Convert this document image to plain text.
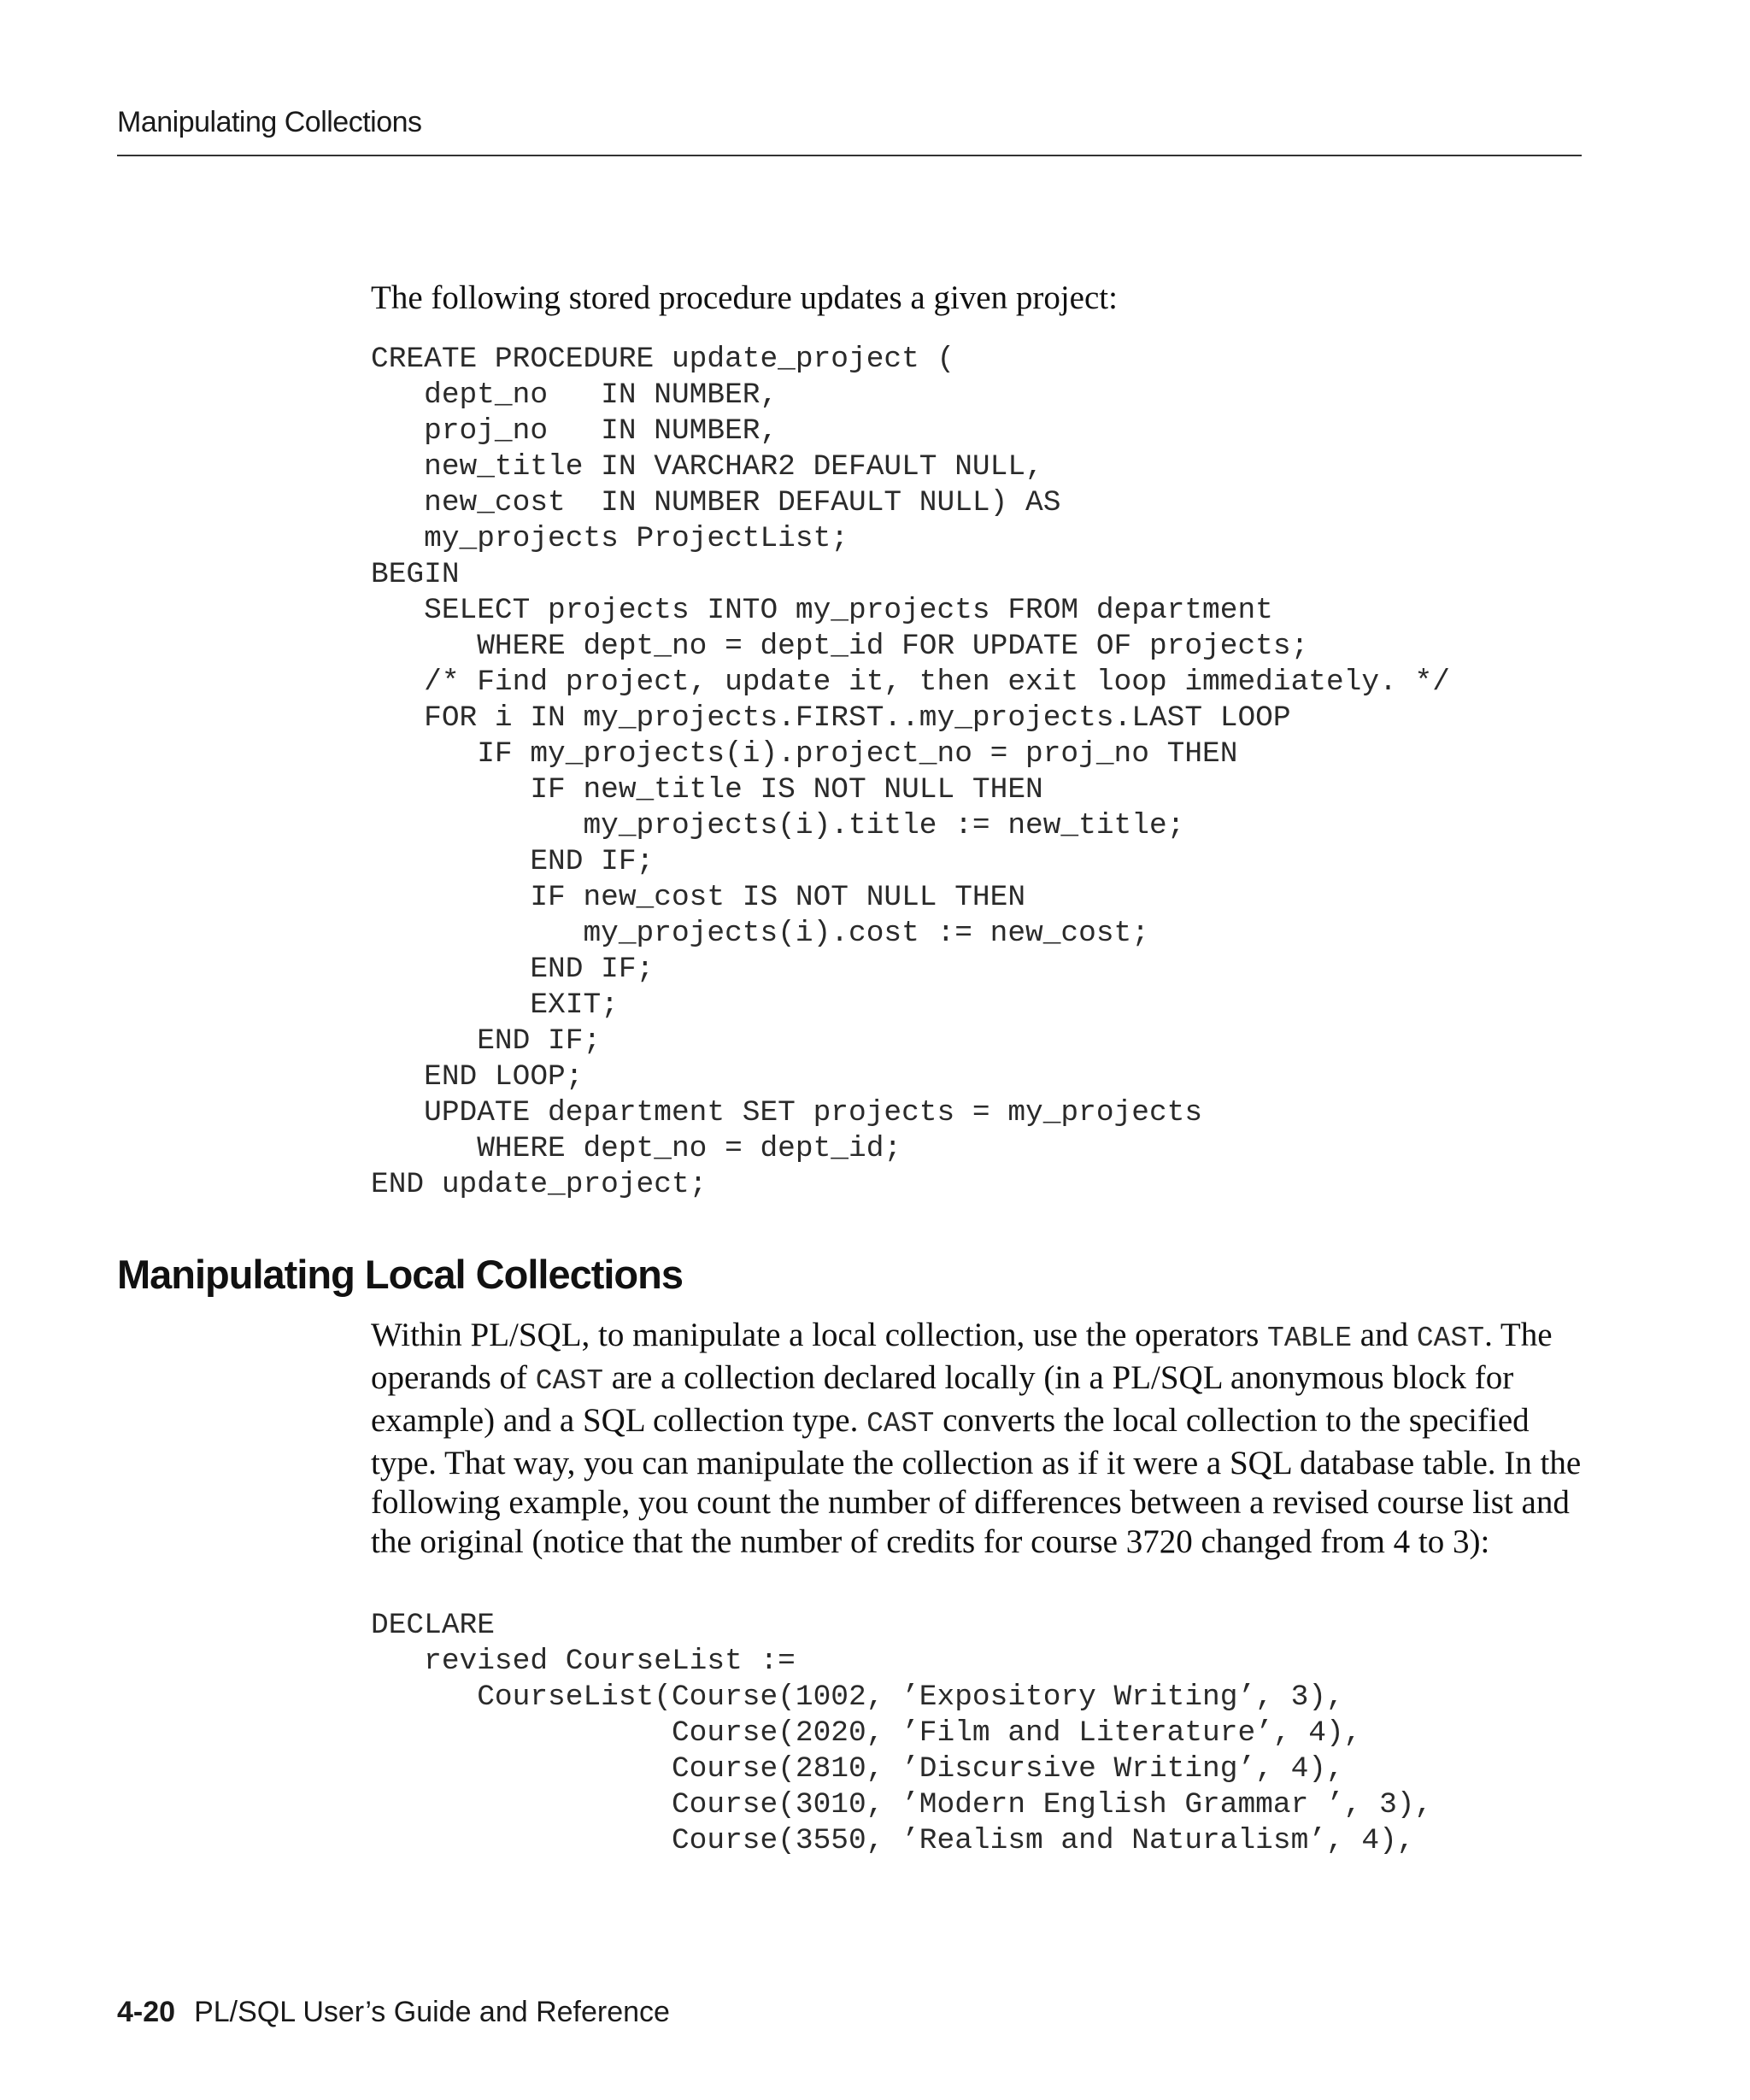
Manipulating Collections

The following stored procedure updates a given project:

CREATE PROCEDURE update_project (
dept_no   IN NUMBER,
proj_no   IN NUMBER,
new_title IN VARCHAR2 DEFAULT NULL,
new_cost  IN NUMBER DEFAULT NULL) AS
my_projects ProjectList;
BEGIN
SELECT projects INTO my_projects FROM department
WHERE dept_no = dept_id FOR UPDATE OF projects;
/* Find project, update it, then exit loop immediately. */
FOR i IN my_projects.FIRST..my_projects.LAST LOOP
IF my_projects(i).project_no = proj_no THEN
IF new_title IS NOT NULL THEN
my_projects(i).title := new_title;
END IF;
IF new_cost IS NOT NULL THEN
my_projects(i).cost := new_cost;
END IF;
EXIT;
END IF;
END LOOP;
UPDATE department SET projects = my_projects
WHERE dept_no = dept_id;
END update_project;
Manipulating Local Collections

Within PL/SQL, to manipulate a local collection, use the operators TABLE and CAST. The operands of CAST are a collection declared locally (in a PL/SQL anonymous block for example) and a SQL collection type. CAST converts the local collection to the specified type. That way, you can manipulate the collection as if it were a SQL database table. In the following example, you count the number of differences between a revised course list and the original (notice that the number of credits for course 3720 changed from 4 to 3):

DECLARE
revised CourseList :=
CourseList(Course(1002, ’Expository Writing’, 3),
Course(2020, ’Film and Literature’, 4),
Course(2810, ’Discursive Writing’, 4),
Course(3010, ’Modern English Grammar ’, 3),
Course(3550, ’Realism and Naturalism’, 4),
4-20 PL/SQL User’s Guide and Reference
